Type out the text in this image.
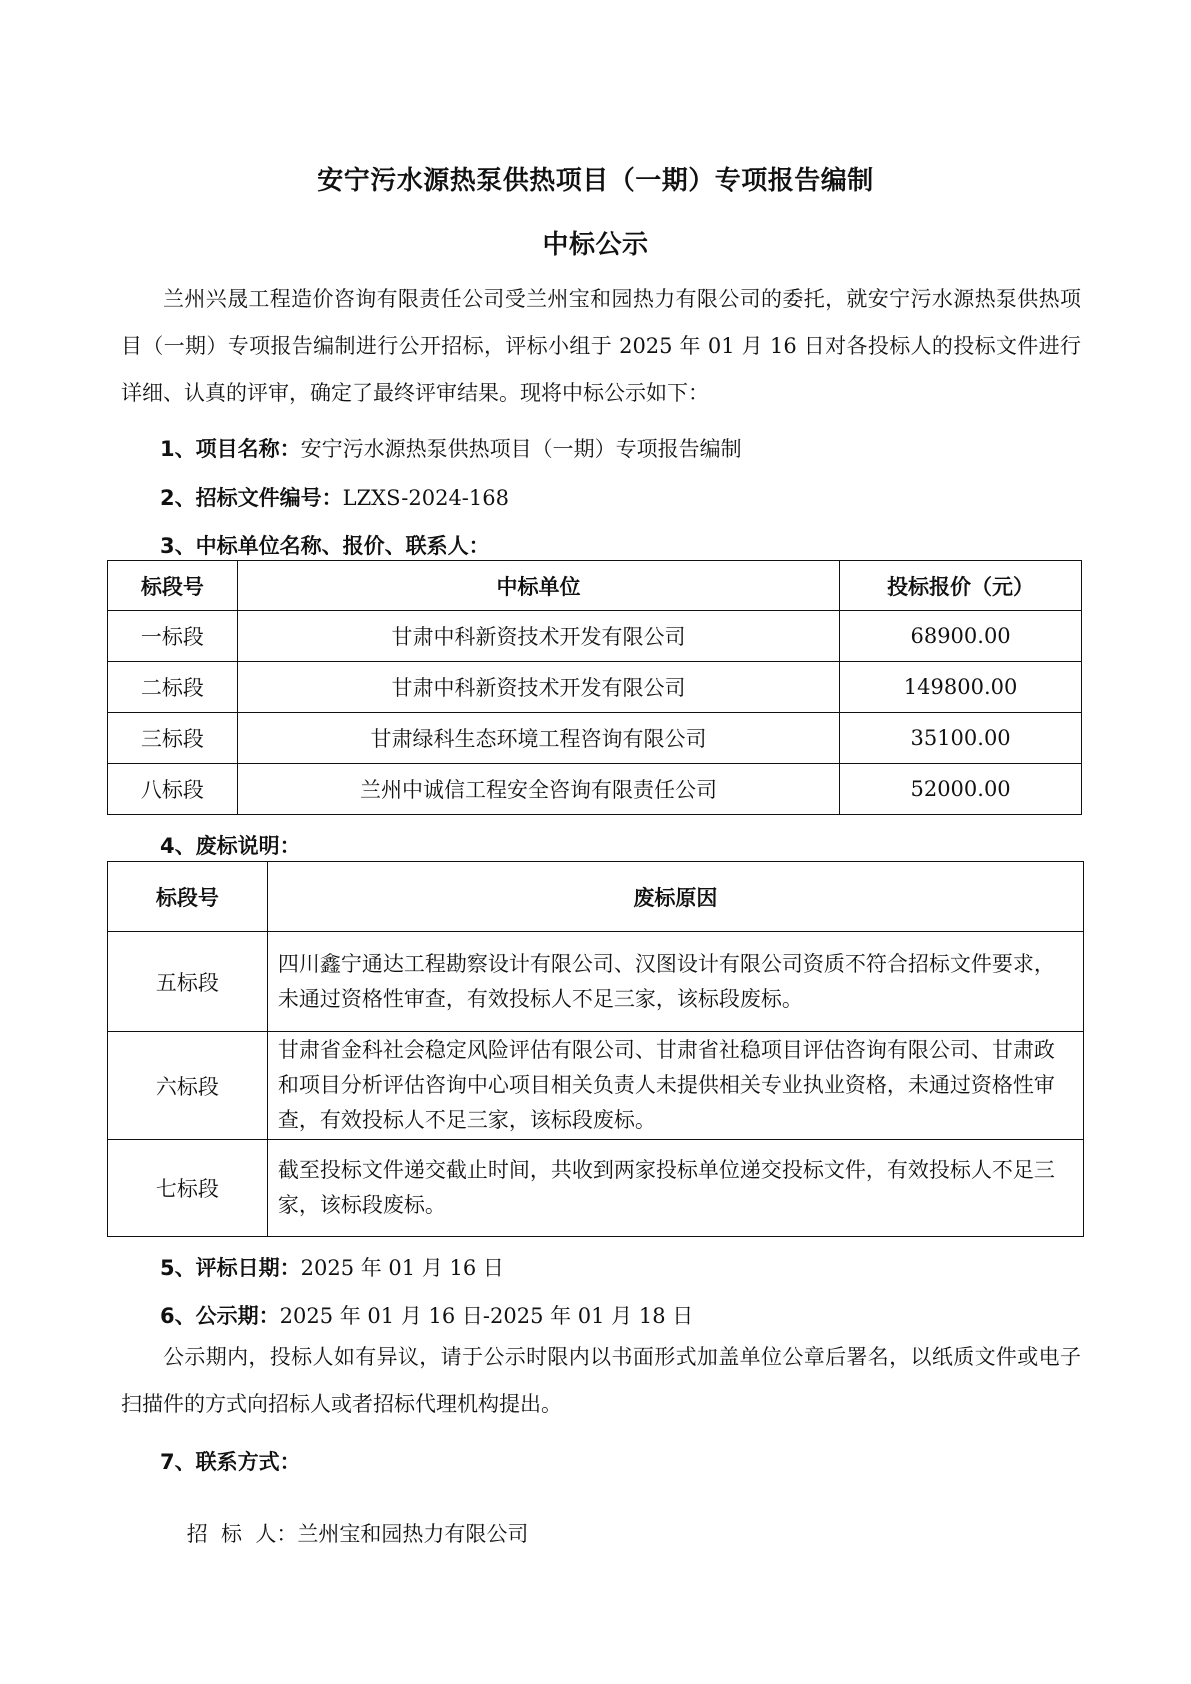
安宁污水源热泵供热项目（一期）专项报告编制
中标公示
兰州兴晟工程造价咨询有限责任公司受兰州宝和园热力有限公司的委托，就安宁污水源热泵供热项目（一期）专项报告编制进行公开招标，评标小组于 2025 年 01 月 16 日对各投标人的投标文件进行详细、认真的评审，确定了最终评审结果。现将中标公示如下：
1、项目名称：安宁污水源热泵供热项目（一期）专项报告编制
2、招标文件编号：LZXS-2024-168
3、中标单位名称、报价、联系人：
标段号	中标单位	投标报价（元）
一标段	甘肃中科新资技术开发有限公司	68900.00
二标段	甘肃中科新资技术开发有限公司	149800.00
三标段	甘肃绿科生态环境工程咨询有限公司	35100.00
八标段	兰州中诚信工程安全咨询有限责任公司	52000.00
4、废标说明：
标段号	废标原因
五标段	四川鑫宁通达工程勘察设计有限公司、汉图设计有限公司资质不符合招标文件要求，未通过资格性审查，有效投标人不足三家，该标段废标。
六标段	甘肃省金科社会稳定风险评估有限公司、甘肃省社稳项目评估咨询有限公司、甘肃政和项目分析评估咨询中心项目相关负责人未提供相关专业执业资格，未通过资格性审查，有效投标人不足三家，该标段废标。
七标段	截至投标文件递交截止时间，共收到两家投标单位递交投标文件，有效投标人不足三家，该标段废标。
5、评标日期：2025 年 01 月 16 日
6、公示期：2025 年 01 月 16 日-2025 年 01 月 18 日
公示期内，投标人如有异议，请于公示时限内以书面形式加盖单位公章后署名，以纸质文件或电子扫描件的方式向招标人或者招标代理机构提出。
7、联系方式：

招  标  人：兰州宝和园热力有限公司
